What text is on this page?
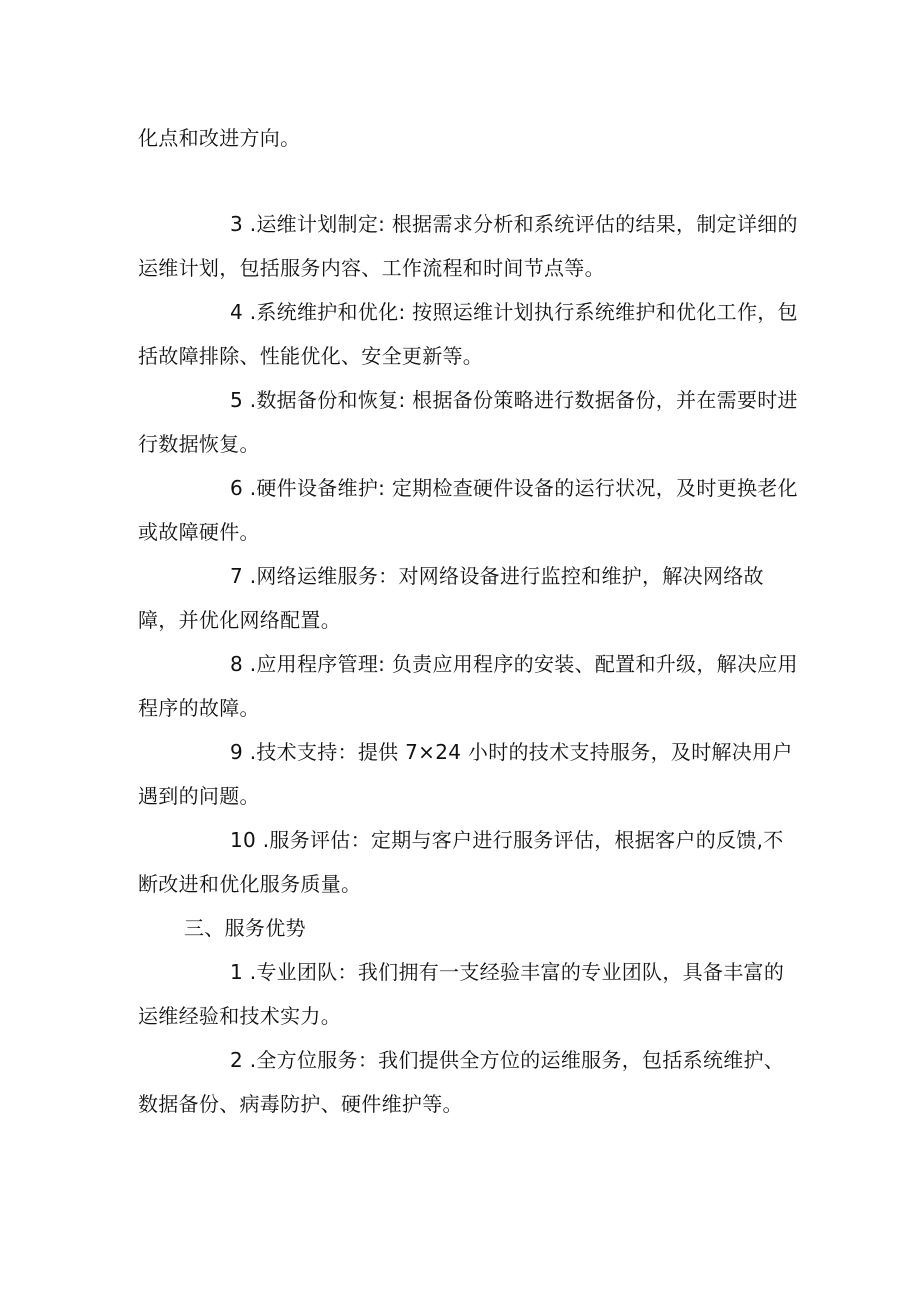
化点和改进方向。

3 .运维计划制定: 根据需求分析和系统评估的结果，制定详细的运维计划，包括服务内容、工作流程和时间节点等。

4 .系统维护和优化: 按照运维计划执行系统维护和优化工作，包括故障排除、性能优化、安全更新等。

5 .数据备份和恢复: 根据备份策略进行数据备份，并在需要时进行数据恢复。

6 .硬件设备维护: 定期检查硬件设备的运行状况，及时更换老化或故障硬件。

7 .网络运维服务：对网络设备进行监控和维护，解决网络故障，并优化网络配置。

8 .应用程序管理: 负责应用程序的安装、配置和升级，解决应用程序的故障。

9 .技术支持：提供 7×24 小时的技术支持服务，及时解决用户遇到的问题。

10 .服务评估：定期与客户进行服务评估，根据客户的反馈,不断改进和优化服务质量。

三、服务优势

1 .专业团队：我们拥有一支经验丰富的专业团队，具备丰富的运维经验和技术实力。

2 .全方位服务：我们提供全方位的运维服务，包括系统维护、数据备份、病毒防护、硬件维护等。
